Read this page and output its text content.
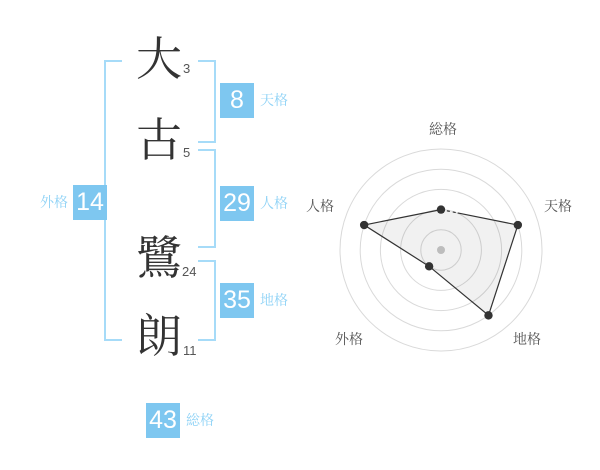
大
古
鷺
朗
3
5
24
11
8	天格
29 人格
35 地格
外格 14
43 総格
総格
天格
地格
外格
人格
